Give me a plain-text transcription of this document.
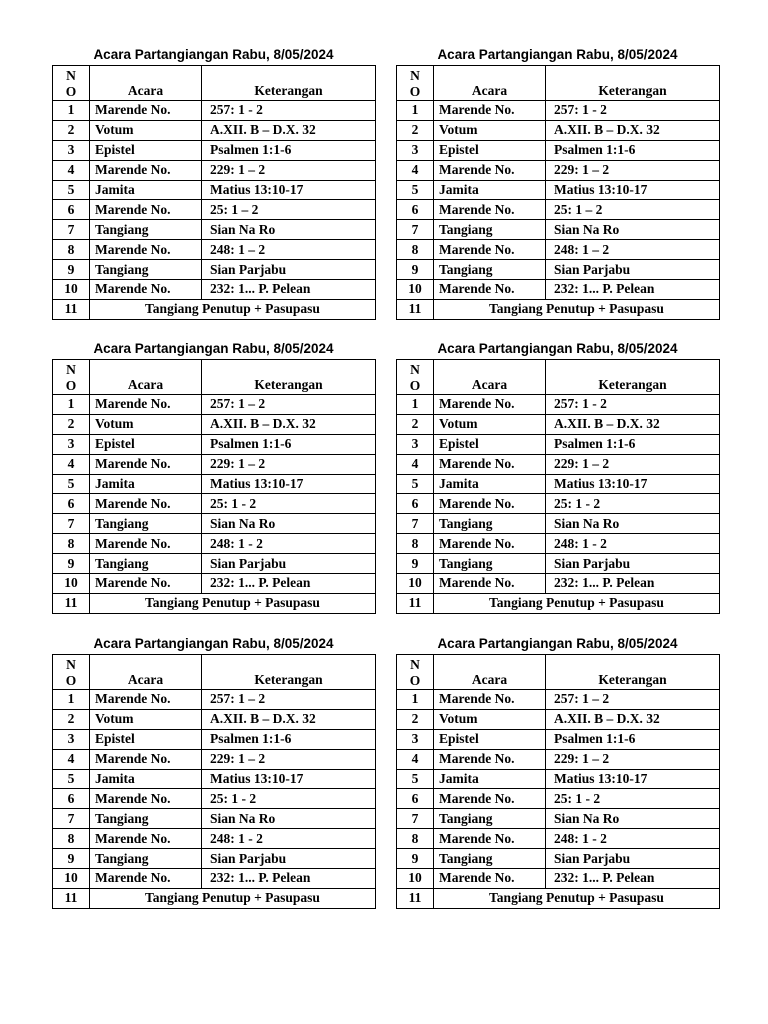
Acara Partangiangan Rabu, 8/05/2024
N
O	Acara	Keterangan
1	Marende No.	257: 1 - 2
2	Votum	A.XII. B – D.X. 32
3	Epistel	Psalmen 1:1-6
4	Marende No.	229: 1 – 2
5	Jamita	Matius 13:10-17
6	Marende No.	25: 1 – 2
7	Tangiang	Sian Na Ro
8	Marende No.	248: 1 – 2
9	Tangiang	Sian Parjabu
10	Marende No.	232: 1... P. Pelean
11	Tangiang Penutup + Pasupasu	
Acara Partangiangan Rabu, 8/05/2024
N
O	Acara	Keterangan
1	Marende No.	257: 1 - 2
2	Votum	A.XII. B – D.X. 32
3	Epistel	Psalmen 1:1-6
4	Marende No.	229: 1 – 2
5	Jamita	Matius 13:10-17
6	Marende No.	25: 1 – 2
7	Tangiang	Sian Na Ro
8	Marende No.	248: 1 – 2
9	Tangiang	Sian Parjabu
10	Marende No.	232: 1... P. Pelean
11	Tangiang Penutup + Pasupasu	
Acara Partangiangan Rabu, 8/05/2024
N
O	Acara	Keterangan
1	Marende No.	257: 1 – 2
2	Votum	A.XII. B – D.X. 32
3	Epistel	Psalmen 1:1-6
4	Marende No.	229: 1 – 2
5	Jamita	Matius 13:10-17
6	Marende No.	25: 1 - 2
7	Tangiang	Sian Na Ro
8	Marende No.	248: 1 - 2
9	Tangiang	Sian Parjabu
10	Marende No.	232: 1... P. Pelean
11	Tangiang Penutup + Pasupasu	
Acara Partangiangan Rabu, 8/05/2024
N
O	Acara	Keterangan
1	Marende No.	257: 1 - 2
2	Votum	A.XII. B – D.X. 32
3	Epistel	Psalmen 1:1-6
4	Marende No.	229: 1 – 2
5	Jamita	Matius 13:10-17
6	Marende No.	25: 1 - 2
7	Tangiang	Sian Na Ro
8	Marende No.	248: 1 - 2
9	Tangiang	Sian Parjabu
10	Marende No.	232: 1... P. Pelean
11	Tangiang Penutup + Pasupasu	
Acara Partangiangan Rabu, 8/05/2024
N
O	Acara	Keterangan
1	Marende No.	257: 1 – 2
2	Votum	A.XII. B – D.X. 32
3	Epistel	Psalmen 1:1-6
4	Marende No.	229: 1 – 2
5	Jamita	Matius 13:10-17
6	Marende No.	25: 1 - 2
7	Tangiang	Sian Na Ro
8	Marende No.	248: 1 - 2
9	Tangiang	Sian Parjabu
10	Marende No.	232: 1... P. Pelean
11	Tangiang Penutup + Pasupasu	
Acara Partangiangan Rabu, 8/05/2024
N
O	Acara	Keterangan
1	Marende No.	257: 1 – 2
2	Votum	A.XII. B – D.X. 32
3	Epistel	Psalmen 1:1-6
4	Marende No.	229: 1 – 2
5	Jamita	Matius 13:10-17
6	Marende No.	25: 1 - 2
7	Tangiang	Sian Na Ro
8	Marende No.	248: 1 - 2
9	Tangiang	Sian Parjabu
10	Marende No.	232: 1... P. Pelean
11	Tangiang Penutup + Pasupasu	
